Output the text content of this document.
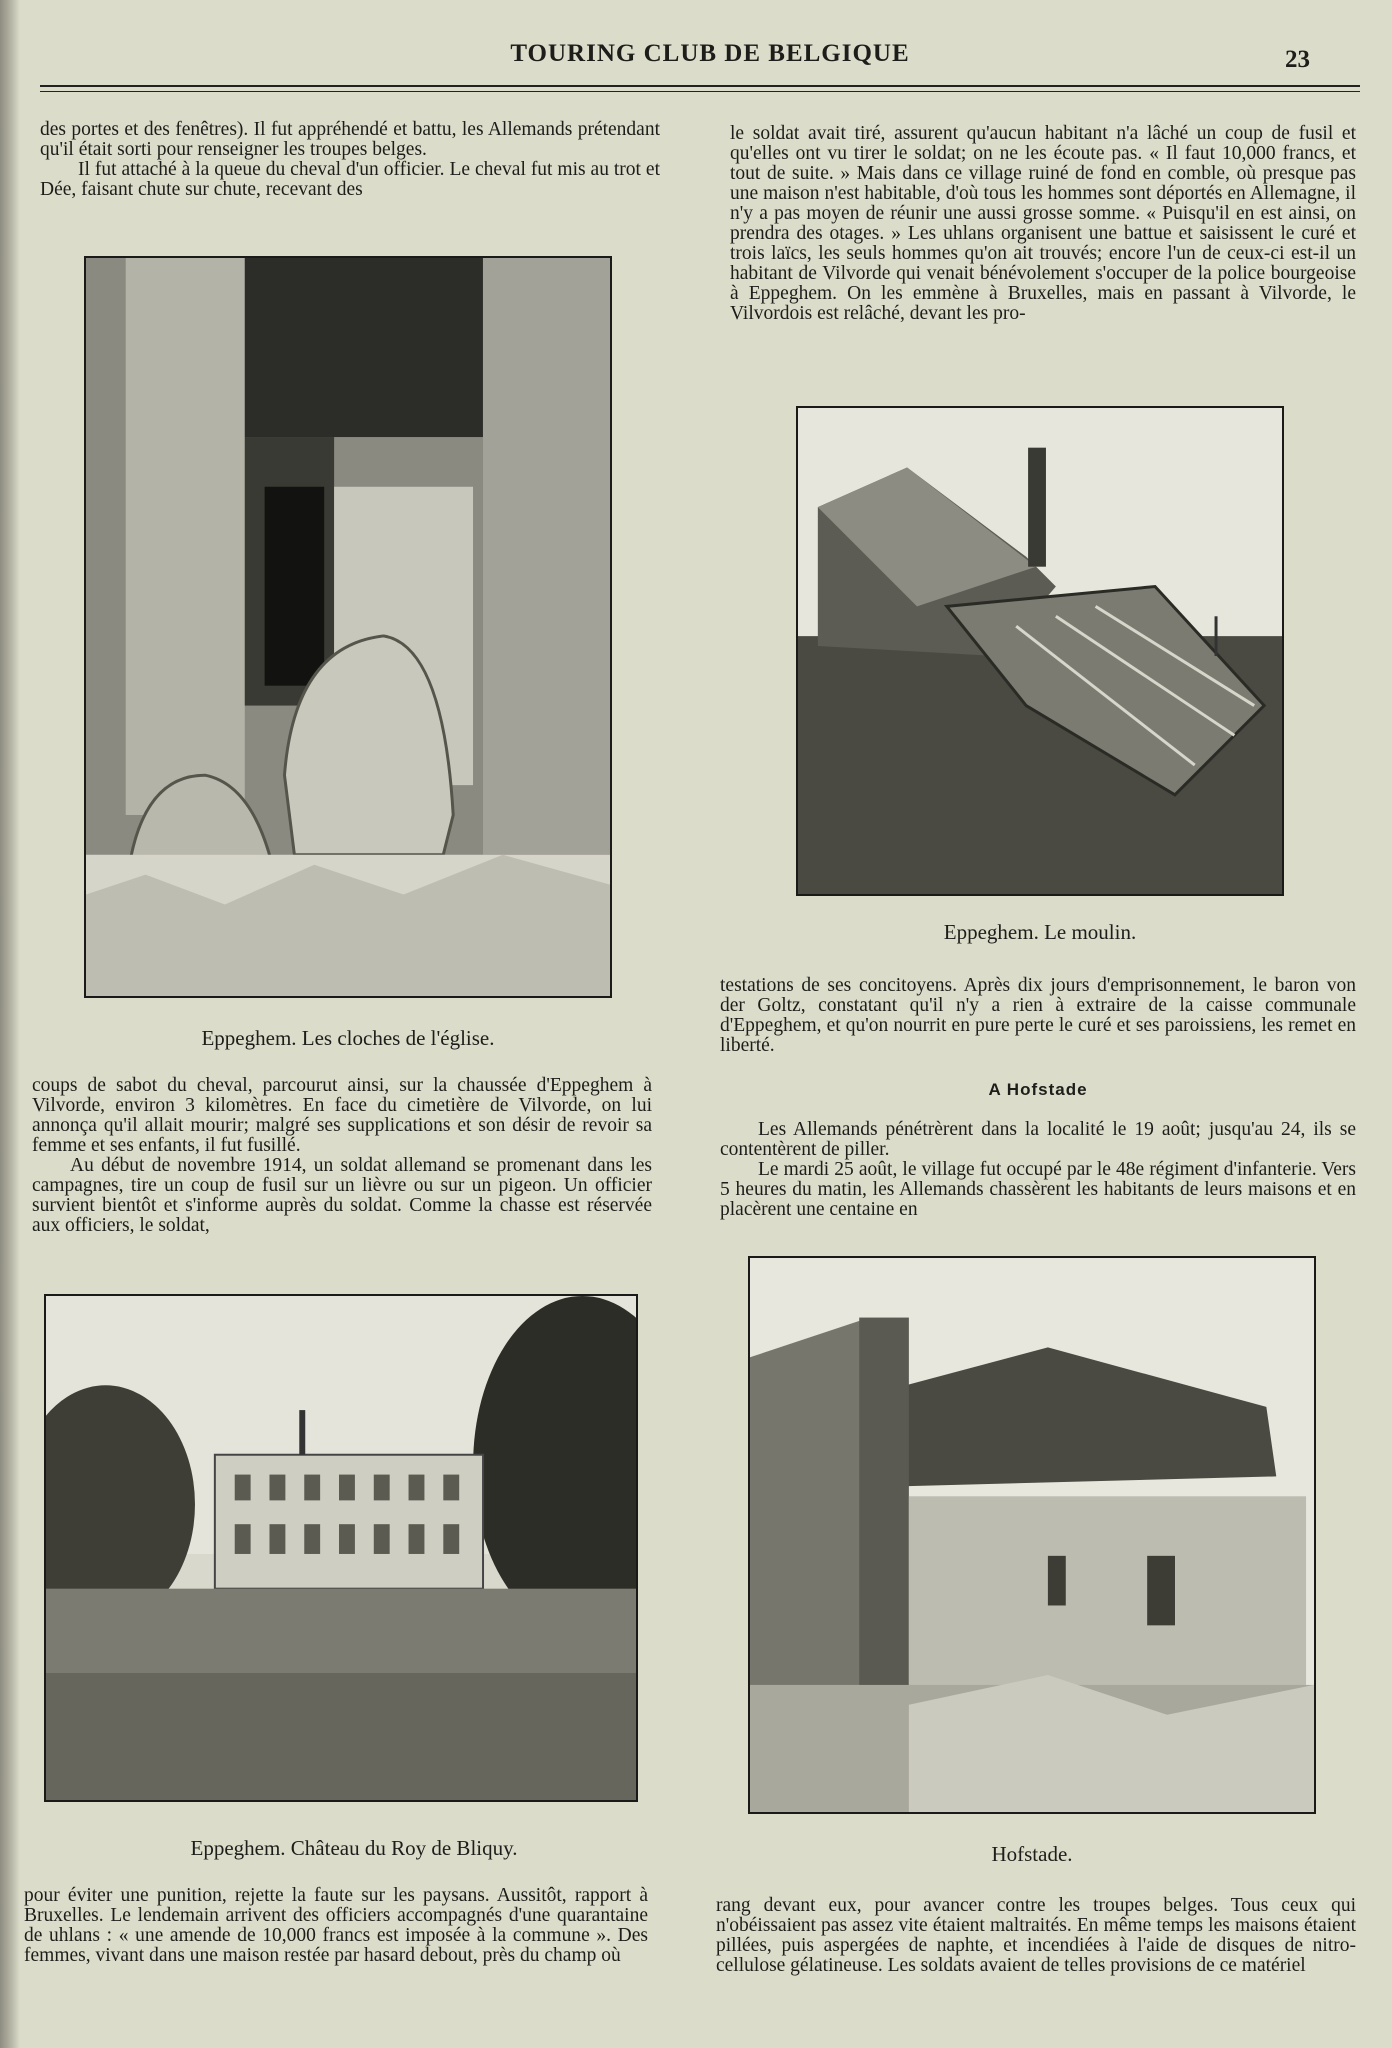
TOURING CLUB DE BELGIQUE	23

des portes et des fenêtres). Il fut appréhendé et battu, les Allemands prétendant qu'il était sorti pour renseigner les troupes belges.

Il fut attaché à la queue du cheval d'un officier. Le cheval fut mis au trot et Dée, faisant chute sur chute, recevant des

Eppeghem. Les cloches de l'église.

coups de sabot du cheval, parcourut ainsi, sur la chaussée d'Eppeghem à Vilvorde, environ 3 kilomètres. En face du cimetière de Vilvorde, on lui annonça qu'il allait mourir; malgré ses supplications et son désir de revoir sa femme et ses enfants, il fut fusillé.

Au début de novembre 1914, un soldat allemand se promenant dans les campagnes, tire un coup de fusil sur un lièvre ou sur un pigeon. Un officier survient bientôt et s'informe auprès du soldat. Comme la chasse est réservée aux officiers, le soldat,

Eppeghem. Château du Roy de Bliquy.

pour éviter une punition, rejette la faute sur les paysans. Aussitôt, rapport à Bruxelles. Le lendemain arrivent des officiers accompagnés d'une quarantaine de uhlans : « une amende de 10,000 francs est imposée à la commune ». Des femmes, vivant dans une maison restée par hasard debout, près du champ où

le soldat avait tiré, assurent qu'aucun habitant n'a lâché un coup de fusil et qu'elles ont vu tirer le soldat; on ne les écoute pas. « Il faut 10,000 francs, et tout de suite. » Mais dans ce village ruiné de fond en comble, où presque pas une maison n'est habitable, d'où tous les hommes sont déportés en Allemagne, il n'y a pas moyen de réunir une aussi grosse somme. « Puisqu'il en est ainsi, on prendra des otages. » Les uhlans organisent une battue et saisissent le curé et trois laïcs, les seuls hommes qu'on ait trouvés; encore l'un de ceux-ci est-il un habitant de Vilvorde qui venait bénévolement s'occuper de la police bourgeoise à Eppeghem. On les emmène à Bruxelles, mais en passant à Vilvorde, le Vilvordois est relâché, devant les pro-

Eppeghem. Le moulin.

testations de ses concitoyens. Après dix jours d'emprisonnement, le baron von der Goltz, constatant qu'il n'y a rien à extraire de la caisse communale d'Eppeghem, et qu'on nourrit en pure perte le curé et ses paroissiens, les remet en liberté.

A Hofstade

Les Allemands pénétrèrent dans la localité le 19 août; jusqu'au 24, ils se contentèrent de piller.

Le mardi 25 août, le village fut occupé par le 48e régiment d'infanterie. Vers 5 heures du matin, les Allemands chassèrent les habitants de leurs maisons et en placèrent une centaine en

Hofstade.

rang devant eux, pour avancer contre les troupes belges. Tous ceux qui n'obéissaient pas assez vite étaient maltraités. En même temps les maisons étaient pillées, puis aspergées de naphte, et incendiées à l'aide de disques de nitro-cellulose gélatineuse. Les soldats avaient de telles provisions de ce matériel
